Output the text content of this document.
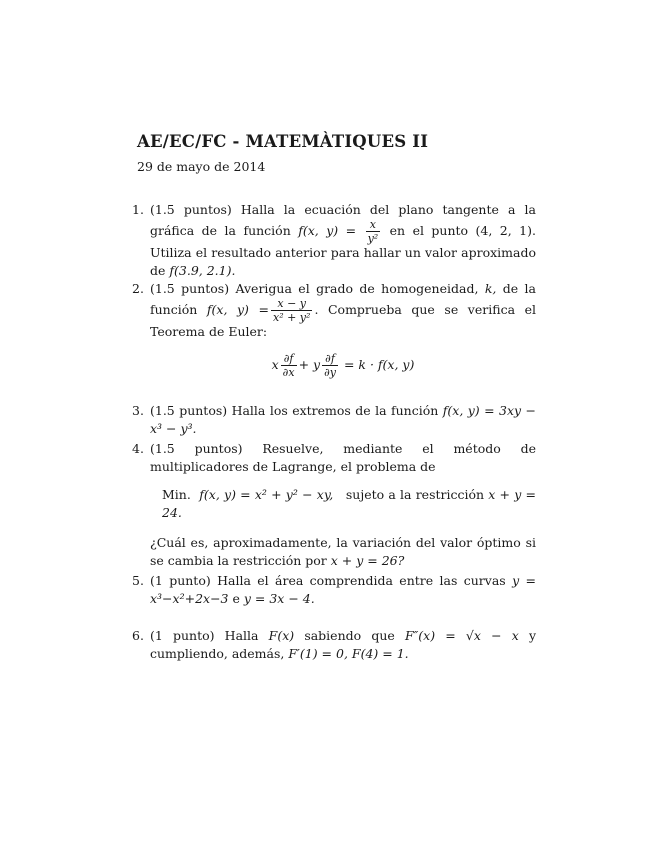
AE/EC/FC - MATEMÀTIQUES II
29 de mayo de 2014
1. (1.5 puntos) Halla la ecuación del plano tangente a la gráfica de la función f(x, $y) = \frac{x}{\text{y²}}$ en el punto (4, 2, 1). Utiliza el resultado anterior para hallar un valor aproximado de f(3.9, 2.1).
2. (1.5 puntos) Averigua el grado de homogeneidad, k, de la función f(x, $y) = \frac{x - y}{\text{x² + y²}}$ . Comprueba que se verifica el Teorema de Euler:
x $\frac{\partial f}{\partial x} + y \frac{\partial f}{\partial y} = k \cdot f(x$, y)
3. (1.5 puntos) Halla los extremos de la función f(x, y) = 3xy − x³ − y³.
4. (1.5 puntos) Resuelve, mediante el método de multiplicadores de Lagrange, el problema de
Min. f(x, y) = x² + y² − xy, sujeto a la restricción x + y = 24.
¿Cuál es, aproximadamente, la variación del valor óptimo si se cambia la restricción por x + y = 26?
5. (1 punto) Halla el área comprendida entre las curvas y = x³−x²+2x−3 e y = 3x − 4.
6. (1 punto) Halla F(x) sabiendo que F″(x) = √x − x y cumpliendo, además, F′(1) = 0, F(4) = 1.
